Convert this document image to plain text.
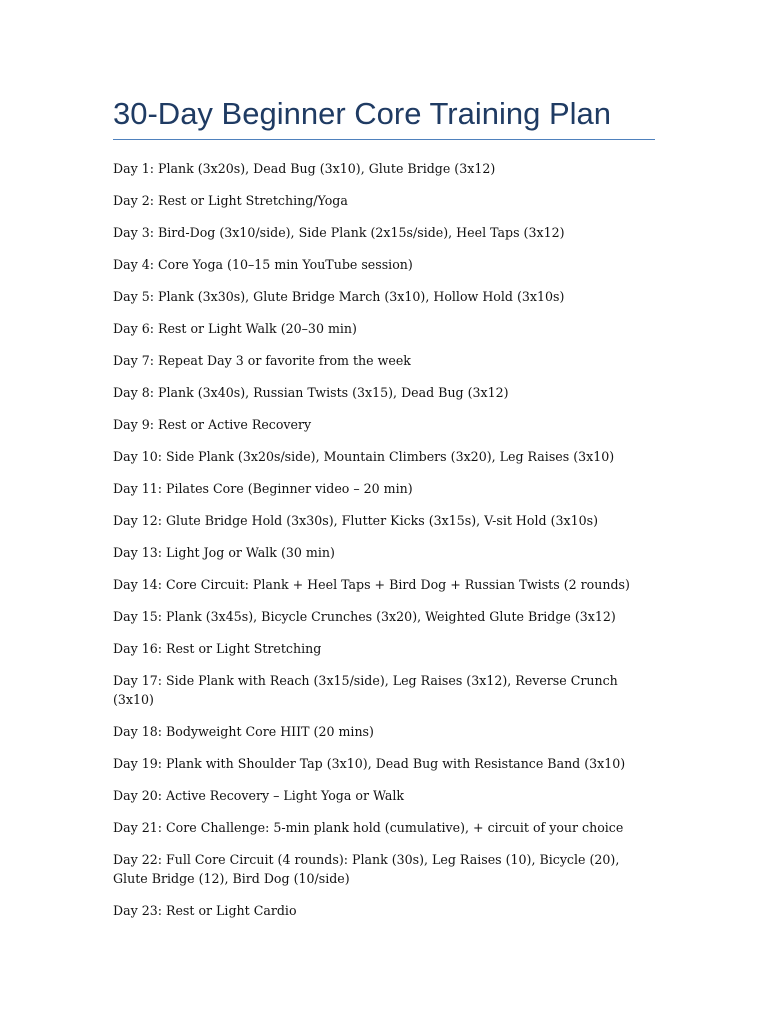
30-Day Beginner Core Training Plan

Day 1: Plank (3x20s), Dead Bug (3x10), Glute Bridge (3x12)

Day 2: Rest or Light Stretching/Yoga

Day 3: Bird-Dog (3x10/side), Side Plank (2x15s/side), Heel Taps (3x12)

Day 4: Core Yoga (10–15 min YouTube session)

Day 5: Plank (3x30s), Glute Bridge March (3x10), Hollow Hold (3x10s)

Day 6: Rest or Light Walk (20–30 min)

Day 7: Repeat Day 3 or favorite from the week

Day 8: Plank (3x40s), Russian Twists (3x15), Dead Bug (3x12)

Day 9: Rest or Active Recovery

Day 10: Side Plank (3x20s/side), Mountain Climbers (3x20), Leg Raises (3x10)

Day 11: Pilates Core (Beginner video – 20 min)

Day 12: Glute Bridge Hold (3x30s), Flutter Kicks (3x15s), V-sit Hold (3x10s)

Day 13: Light Jog or Walk (30 min)

Day 14: Core Circuit: Plank + Heel Taps + Bird Dog + Russian Twists (2 rounds)

Day 15: Plank (3x45s), Bicycle Crunches (3x20), Weighted Glute Bridge (3x12)

Day 16: Rest or Light Stretching

Day 17: Side Plank with Reach (3x15/side), Leg Raises (3x12), Reverse Crunch (3x10)

Day 18: Bodyweight Core HIIT (20 mins)

Day 19: Plank with Shoulder Tap (3x10), Dead Bug with Resistance Band (3x10)

Day 20: Active Recovery – Light Yoga or Walk

Day 21: Core Challenge: 5-min plank hold (cumulative), + circuit of your choice

Day 22: Full Core Circuit (4 rounds): Plank (30s), Leg Raises (10), Bicycle (20), Glute Bridge (12), Bird Dog (10/side)

Day 23: Rest or Light Cardio
